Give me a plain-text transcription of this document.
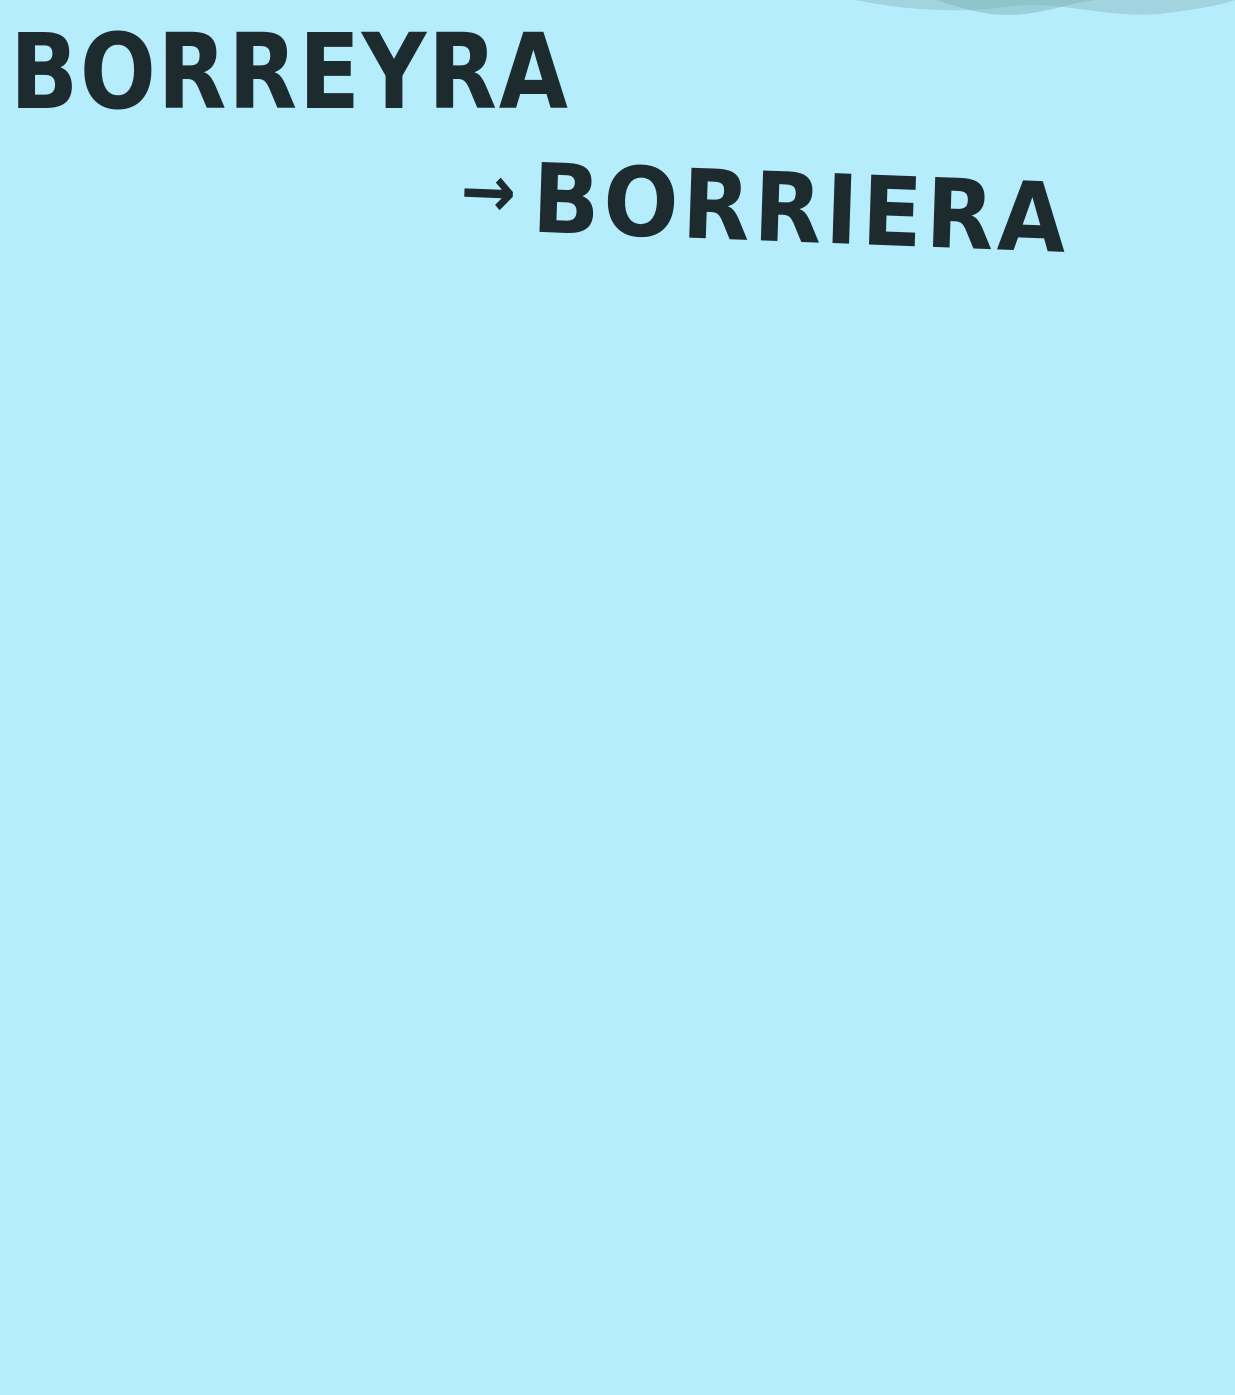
BORREYRA
→BORRIERA
